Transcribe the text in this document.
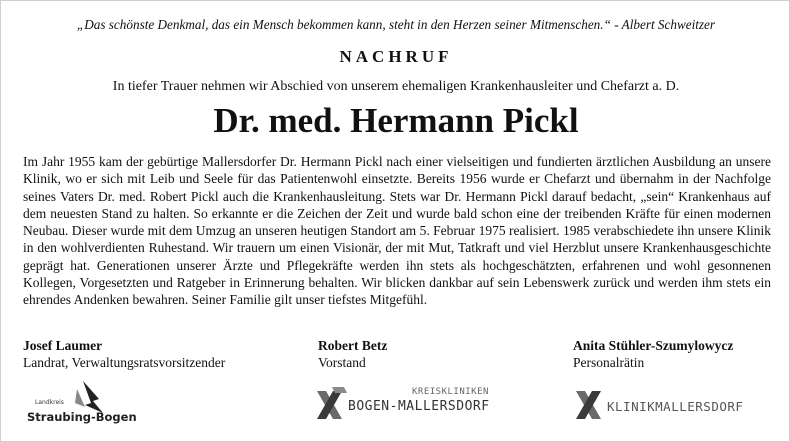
„Das schönste Denkmal, das ein Mensch bekommen kann, steht in den Herzen seiner Mitmenschen.“ - Albert Schweitzer
NACHRUF
In tiefer Trauer nehmen wir Abschied von unserem ehemaligen Krankenhausleiter und Chefarzt a. D.
Dr. med. Hermann Pickl
Im Jahr 1955 kam der gebürtige Mallersdorfer Dr. Hermann Pickl nach einer vielseitigen und fundierten ärztlichen Ausbildung an unsere Klinik, wo er sich mit Leib und Seele für das Patientenwohl einsetzte. Bereits 1956 wurde er Chefarzt und übernahm in der Nachfolge seines Vaters Dr. med. Robert Pickl auch die Krankenhausleitung. Stets war Dr. Hermann Pickl darauf bedacht, „sein“ Krankenhaus auf dem neuesten Stand zu halten. So erkannte er die Zeichen der Zeit und wurde bald schon eine der treibenden Kräfte für einen modernen Neubau. Dieser wurde mit dem Umzug an unseren heutigen Standort am 5. Februar 1975 realisiert. 1985 verabschiedete ihn unsere Klinik in den wohlverdienten Ruhestand. Wir trauern um einen Visionär, der mit Mut, Tatkraft und viel Herzblut unsere Krankenhausgeschichte geprägt hat. Generationen unserer Ärzte und Pflegekräfte werden ihn stets als hochgeschätzten, erfahrenen und wohl gesonnenen Kollegen, Vorgesetzten und Ratgeber in Erinnerung behalten. Wir blicken dankbar auf sein Lebenswerk zurück und werden ihm stets ein ehrendes Andenken bewahren. Seiner Familie gilt unser tiefstes Mitgefühl.
Josef Laumer
Landrat, Verwaltungsratsvorsitzender
Robert Betz
Vorstand
Anita Stühler-Szumylowycz
Personalrätin
Landkreis
Straubing-Bogen
KREISKLINIKEN
BOGEN-MALLERSDORF	KLINIKMALLERSDORF
